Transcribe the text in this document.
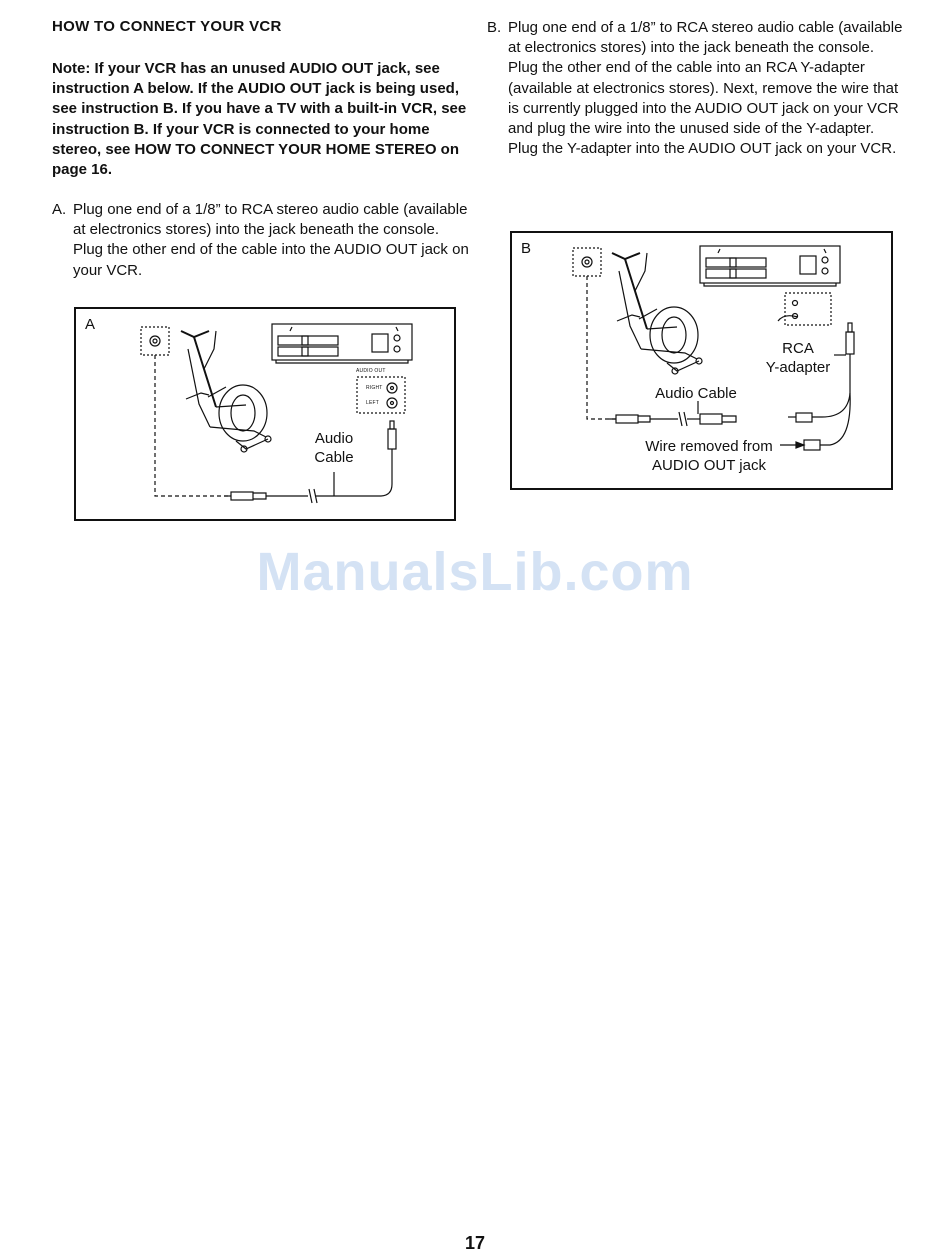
HOW TO CONNECT YOUR VCR
Note: If your VCR has an unused AUDIO OUT jack, see instruction A below. If the AUDIO OUT jack is being used, see instruction B. If you have a TV with a built-in VCR, see instruction B. If your VCR is connected to your home stereo, see HOW TO CONNECT YOUR HOME STEREO on page 16.
A. Plug one end of a 1/8” to RCA stereo audio cable (available at electronics stores) into the jack beneath the console. Plug the other end of the cable into the AUDIO OUT jack on your VCR.
B. Plug one end of a 1/8” to RCA stereo audio cable (available at electronics stores) into the jack beneath the console. Plug the other end of the cable into an RCA Y-adapter (available at electronics stores). Next, remove the wire that is currently plugged into the AUDIO OUT jack on your VCR and plug the wire into the unused side of the Y-adapter. Plug the Y-adapter into the AUDIO OUT jack on your VCR.
A
AUDIO OUT
RIGHT
LEFT
Audio
Cable
B
RCA
Y-adapter
Audio Cable
Wire removed from
AUDIO OUT jack
ManualsLib.com
17
